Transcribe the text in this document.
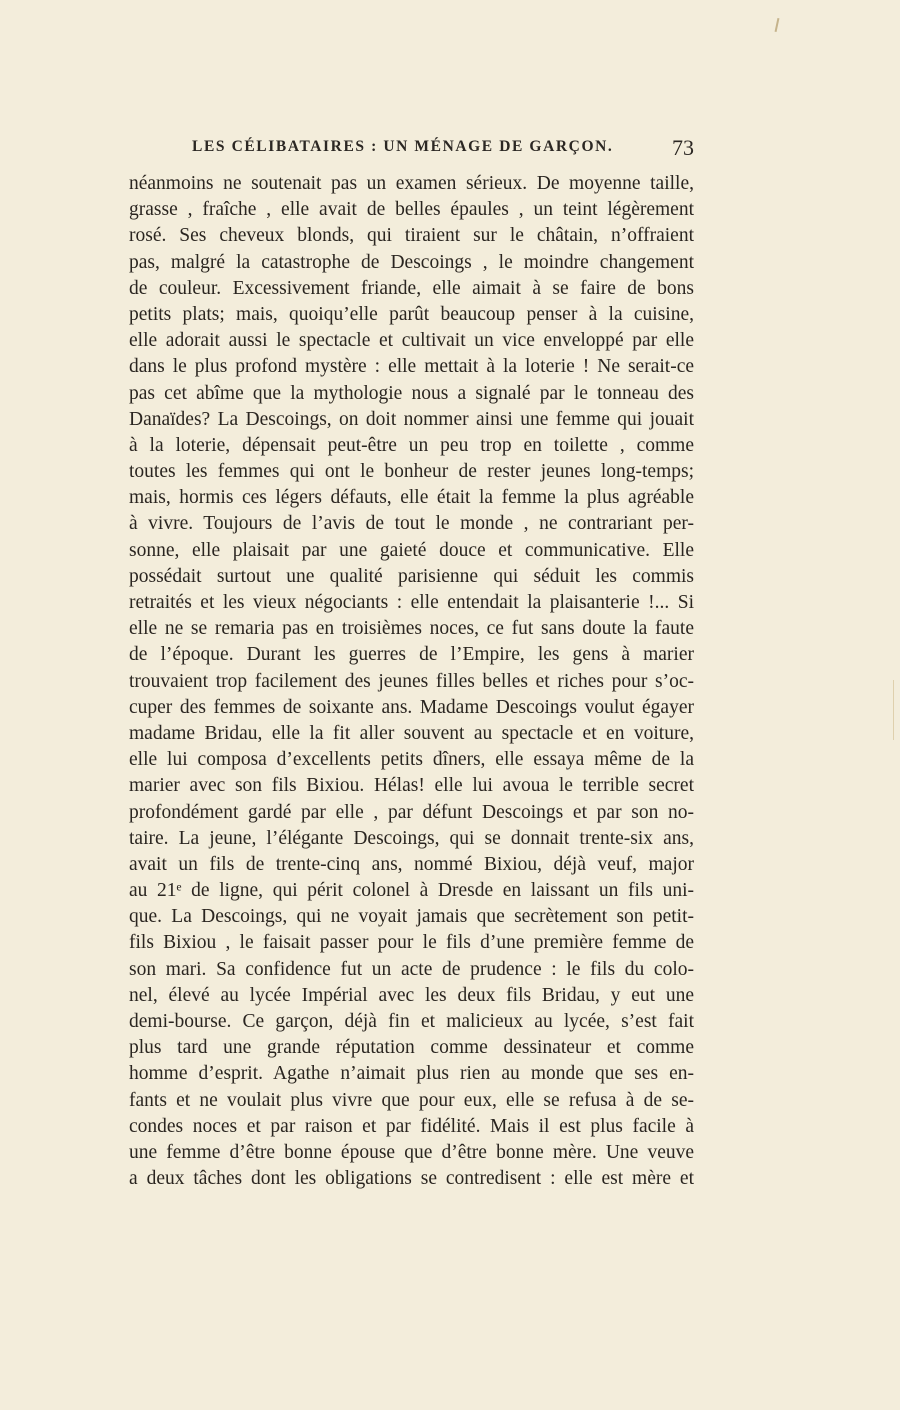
LES CÉLIBATAIRES : UN MÉNAGE DE GARÇON.	73
néanmoins ne soutenait pas un examen sérieux. De moyenne taille,
grasse , fraîche , elle avait de belles épaules , un teint légèrement
rosé. Ses cheveux blonds, qui tiraient sur le châtain, n’offraient
pas, malgré la catastrophe de Descoings , le moindre changement
de couleur. Excessivement friande, elle aimait à se faire de bons
petits plats; mais, quoiqu’elle parût beaucoup penser à la cuisine,
elle adorait aussi le spectacle et cultivait un vice enveloppé par elle
dans le plus profond mystère : elle mettait à la loterie ! Ne serait-ce
pas cet abîme que la mythologie nous a signalé par le tonneau des
Danaïdes? La Descoings, on doit nommer ainsi une femme qui jouait
à la loterie, dépensait peut-être un peu trop en toilette , comme
toutes les femmes qui ont le bonheur de rester jeunes long-temps;
mais, hormis ces légers défauts, elle était la femme la plus agréable
à vivre. Toujours de l’avis de tout le monde , ne contrariant per-
sonne, elle plaisait par une gaieté douce et communicative. Elle
possédait surtout une qualité parisienne qui séduit les commis
retraités et les vieux négociants : elle entendait la plaisanterie !... Si
elle ne se remaria pas en troisièmes noces, ce fut sans doute la faute
de l’époque. Durant les guerres de l’Empire, les gens à marier
trouvaient trop facilement des jeunes filles belles et riches pour s’oc-
cuper des femmes de soixante ans. Madame Descoings voulut égayer
madame Bridau, elle la fit aller souvent au spectacle et en voiture,
elle lui composa d’excellents petits dîners, elle essaya même de la
marier avec son fils Bixiou. Hélas! elle lui avoua le terrible secret
profondément gardé par elle , par défunt Descoings et par son no-
taire. La jeune, l’élégante Descoings, qui se donnait trente-six ans,
avait un fils de trente-cinq ans, nommé Bixiou, déjà veuf, major
au 21ᵉ de ligne, qui périt colonel à Dresde en laissant un fils uni-
que. La Descoings, qui ne voyait jamais que secrètement son petit-
fils Bixiou , le faisait passer pour le fils d’une première femme de
son mari. Sa confidence fut un acte de prudence : le fils du colo-
nel, élevé au lycée Impérial avec les deux fils Bridau, y eut une
demi-bourse. Ce garçon, déjà fin et malicieux au lycée, s’est fait
plus tard une grande réputation comme dessinateur et comme
homme d’esprit. Agathe n’aimait plus rien au monde que ses en-
fants et ne voulait plus vivre que pour eux, elle se refusa à de se-
condes noces et par raison et par fidélité. Mais il est plus facile à
une femme d’être bonne épouse que d’être bonne mère. Une veuve
a deux tâches dont les obligations se contredisent : elle est mère et
